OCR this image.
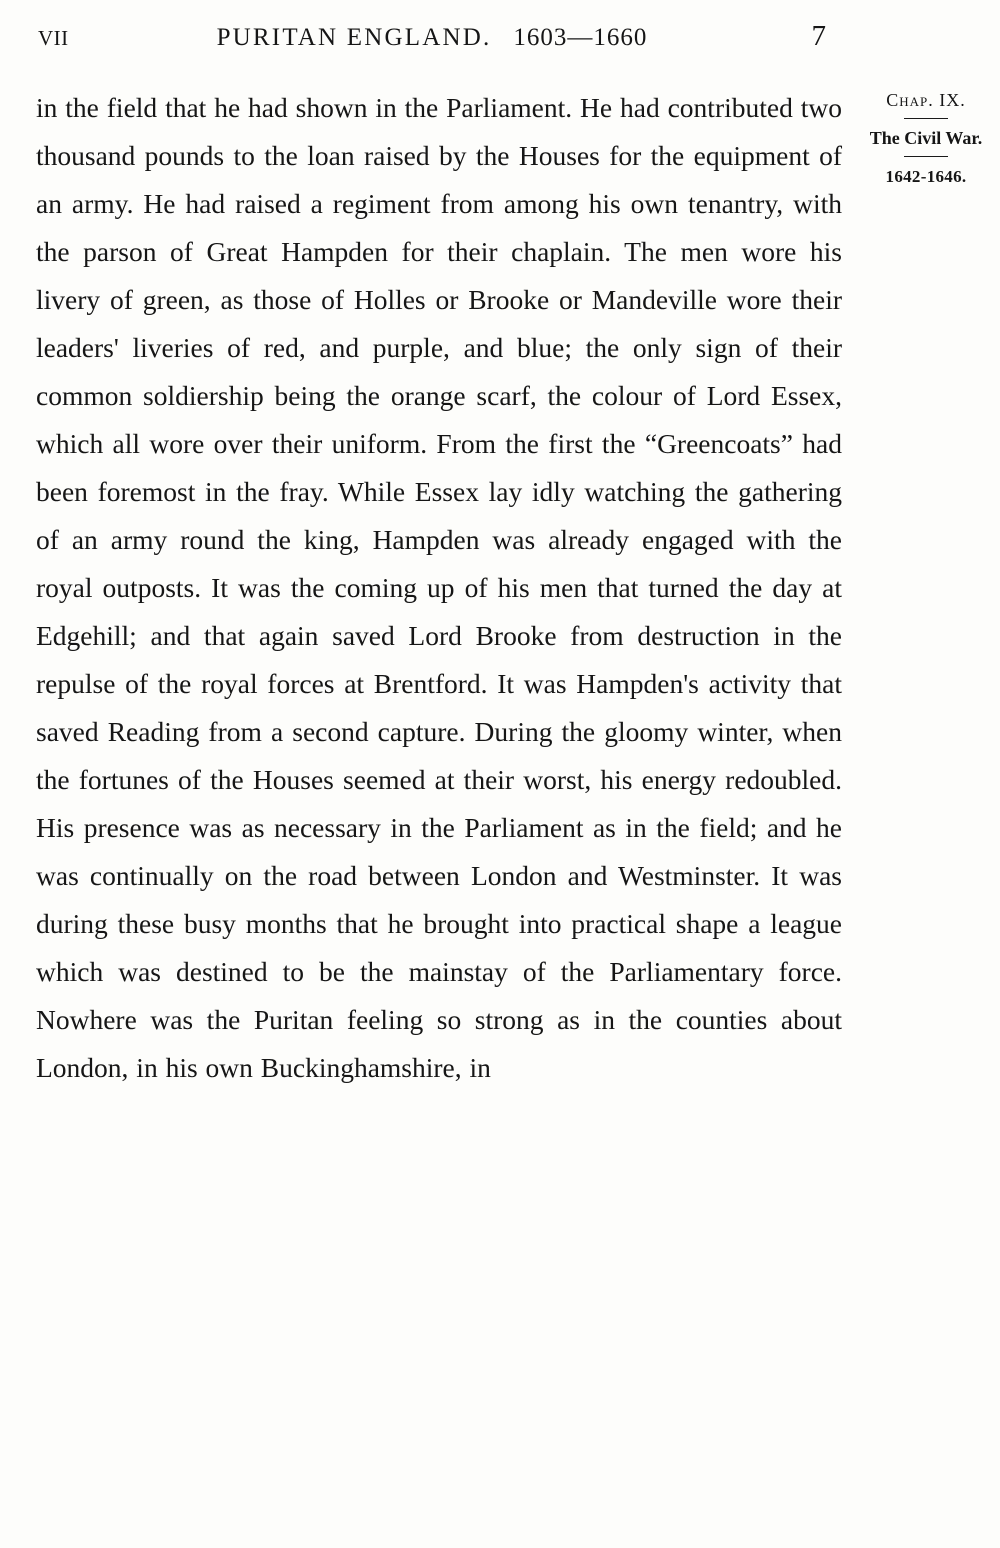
VII	PURITAN ENGLAND. 1603—1660	7

in the field that he had shown in the Parliament. He had contributed two thousand pounds to the loan raised by the Houses for the equipment of an army. He had raised a regiment from among his own tenantry, with the parson of Great Hampden for their chaplain. The men wore his livery of green, as those of Holles or Brooke or Mandeville wore their leaders' liveries of red, and purple, and blue; the only sign of their common soldiership being the orange scarf, the colour of Lord Essex, which all wore over their uniform. From the first the “Greencoats” had been foremost in the fray. While Essex lay idly watching the gathering of an army round the king, Hampden was already engaged with the royal outposts. It was the coming up of his men that turned the day at Edgehill; and that again saved Lord Brooke from destruction in the repulse of the royal forces at Brentford. It was Hampden's activity that saved Reading from a second capture. During the gloomy winter, when the fortunes of the Houses seemed at their worst, his energy redoubled. His presence was as necessary in the Parliament as in the field; and he was continually on the road between London and Westminster. It was during these busy months that he brought into practical shape a league which was destined to be the mainstay of the Parliamentary force. Nowhere was the Puritan feeling so strong as in the counties about London, in his own Buckinghamshire, in

Chap. IX.
The Civil War.
1642-1646.
